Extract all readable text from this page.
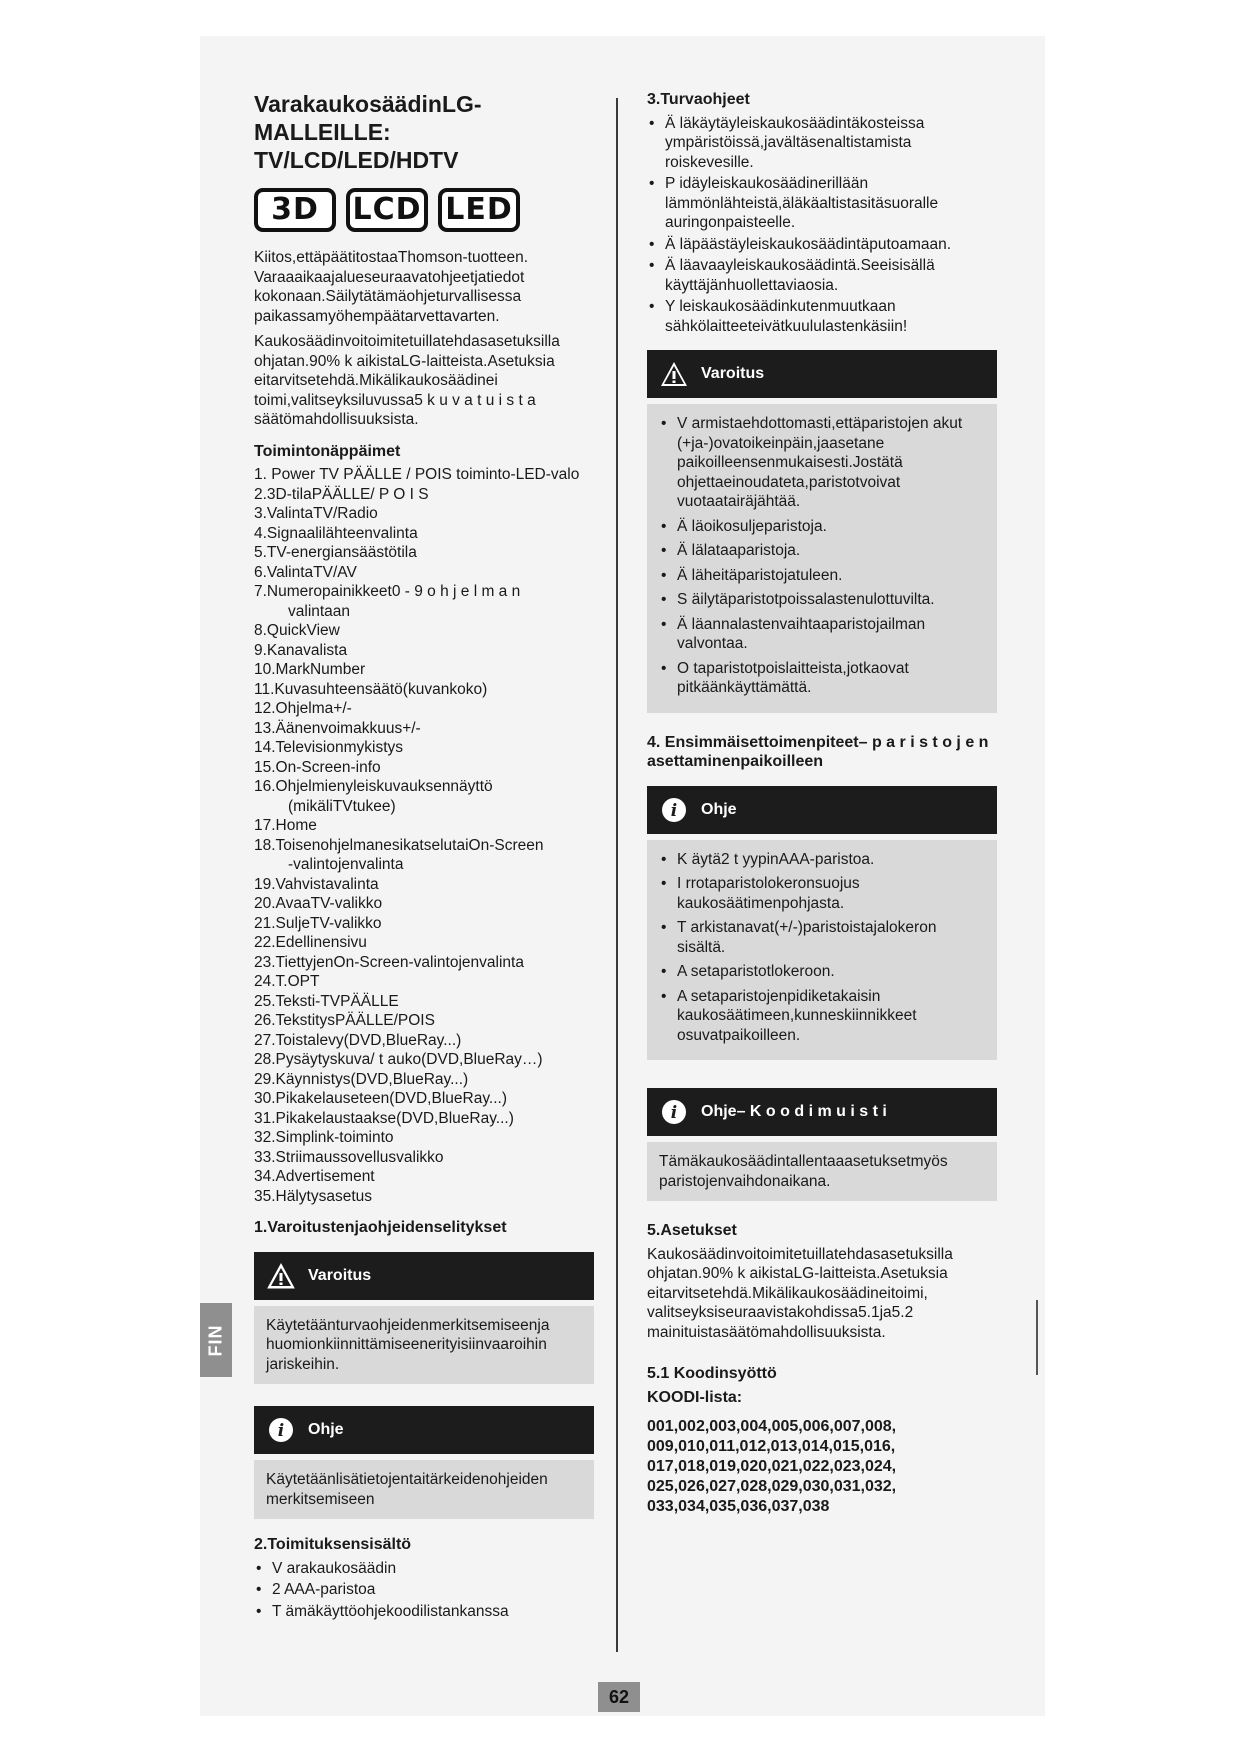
FIN
62
VarakaukosäädinLG-MALLEILLE:
TV/LCD/LED/HDTV
3D LCD LED

Kiitos,ettäpäätitostaaThomson-tuotteen. Varaaaikaajalueseuraavatohjeetjatiedot kokonaan.Säilytätämäohjeturvallisessa paikassamyöhempäätarvettavarten.

Kaukosäädinvoitoimitetuillatehdasasetuksilla ohjatan.90% k aikistaLG-laitteista.Asetuksia eitarvitsetehdä.Mikälikaukosäädinei toimi,valitseyksiluvussa5 k u v a t u i s t a säätömahdollisuuksista.

Toimintonäppäimet
1. Power TV PÄÄLLE / POIS toiminto-LED-valo
2.3D-tilaPÄÄLLE/ P O I S
3.ValintaTV/Radio
4.Signaalilähteenvalinta
5.TV-energiansäästötila
6.ValintaTV/AV
7.Numeropainikkeet0 - 9 o h j e l m a n
valintaan
8.QuickView
9.Kanavalista
10.MarkNumber
11.Kuvasuhteensäätö(kuvankoko)
12.Ohjelma+/-
13.Äänenvoimakkuus+/-
14.Televisionmykistys
15.On-Screen-info
16.Ohjelmienyleiskuvauksennäyttö
(mikäliTVtukee)
17.Home
18.ToisenohjelmanesikatselutaiOn-Screen
-valintojenvalinta
19.Vahvistavalinta
20.AvaaTV-valikko
21.SuljeTV-valikko
22.Edellinensivu
23.TiettyjenOn-Screen-valintojenvalinta
24.T.OPT
25.Teksti-TVPÄÄLLE
26.TekstitysPÄÄLLE/POIS
27.Toistalevy(DVD,BlueRay...)
28.Pysäytyskuva/ t auko(DVD,BlueRay…)
29.Käynnistys(DVD,BlueRay...)
30.Pikakelauseteen(DVD,BlueRay...)
31.Pikakelaustaakse(DVD,BlueRay...)
32.Simplink-toiminto
33.Striimaussovellusvalikko
34.Advertisement
35.Hälytysasetus
1.Varoitustenjaohjeidenselitykset
Varoitus
Käytetäänturvaohjeidenmerkitsemiseenja huomionkiinnittämiseenerityisiinvaaroihin jariskeihin.
i Ohje
Käytetäänlisätietojentaitärkeidenohjeiden merkitsemiseen
2.Toimituksensisältö
• V arakaukosäädin
• 2 AAA-paristoa
• T ämäkäyttöohjekoodilistankanssa
3.Turvaohjeet
• Ä läkäytäyleiskaukosäädintäkosteissa ympäristöissä,javältäsenaltistamista roiskevesille.
• P idäyleiskaukosäädinerillään lämmönlähteistä,äläkäaltistasitäsuoralle auringonpaisteelle.
• Ä läpäästäyleiskaukosäädintäputoamaan.
• Ä läavaayleiskaukosäädintä.Seeisisällä käyttäjänhuollettaviaosia.
• Y leiskaukosäädinkutenmuutkaan sähkölaitteeteivätkuululastenkäsiin!
Varoitus
• V armistaehdottomasti,ettäparistojen akut (+ja-)ovatoikeinpäin,jaasetane paikoilleensenmukaisesti.Jostätä ohjettaeinoudateta,paristotvoivat vuotaatairäjähtää.
• Ä läoikosuljeparistoja.
• Ä lälataaparistoja.
• Ä läheitäparistojatuleen.
• S äilytäparistotpoissalastenulottuvilta.
• Ä läannalastenvaihtaaparistojailman valvontaa.
• O taparistotpoislaitteista,jotkaovat pitkäänkäyttämättä.
4. Ensimmäisettoimenpiteet– p a r i s t o j e n asettaminenpaikoilleen
i Ohje
• K äytä2 t yypinAAA-paristoa.
• I rrotaparistolokeronsuojus kaukosäätimenpohjasta.
• T arkistanavat(+/-)paristoistajalokeron sisältä.
• A setaparistotlokeroon.
• A setaparistojenpidiketakaisin kaukosäätimeen,kunneskiinnikkeet osuvatpaikoilleen.
i Ohje– K o o d i m u i s t i
Tämäkaukosäädintallentaaasetuksetmyös paristojenvaihdonaikana.
5.Asetukset

Kaukosäädinvoitoimitetuillatehdasasetuksilla ohjatan.90% k aikistaLG-laitteista.Asetuksia eitarvitsetehdä.Mikälikaukosäädineitoimi, valitseyksiseuraavistakohdissa5.1ja5.2 mainituistasäätömahdollisuuksista.

5.1 Koodinsyöttö
KOODI-lista:
001,002,003,004,005,006,007,008,
009,010,011,012,013,014,015,016,
017,018,019,020,021,022,023,024,
025,026,027,028,029,030,031,032,
033,034,035,036,037,038
